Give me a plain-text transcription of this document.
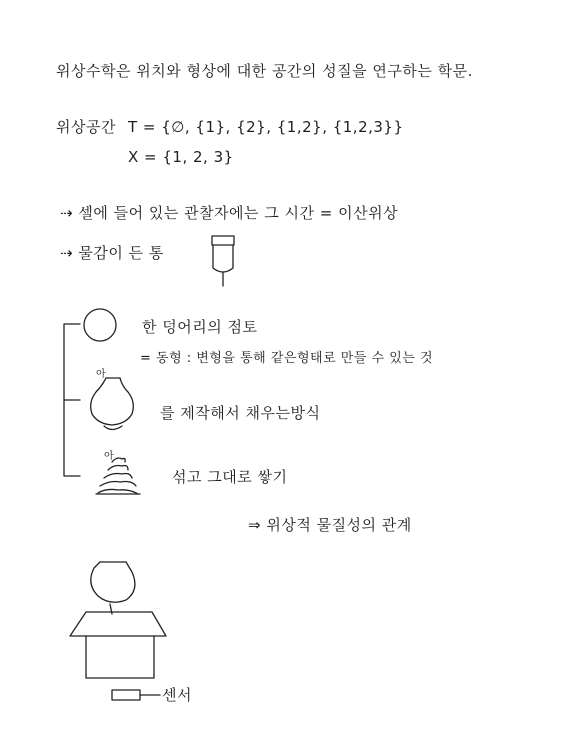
위상수학은 위치와 형상에 대한 공간의 성질을 연구하는 학문.
위상공간 T = {∅, {1}, {2}, {1,2}, {1,2,3}}
X = {1, 2, 3}
⇢ 셀에 들어 있는 관찰자에는 그 시간 = 이산위상
⇢ 물감이 든 통
한 덩어리의 점토
= 동형 : 변형을 통해 같은형태로 만들 수 있는 것
아
를 제작해서 채우는방식
아
섞고 그대로 쌓기
⇒ 위상적 물질성의 관계
센서
